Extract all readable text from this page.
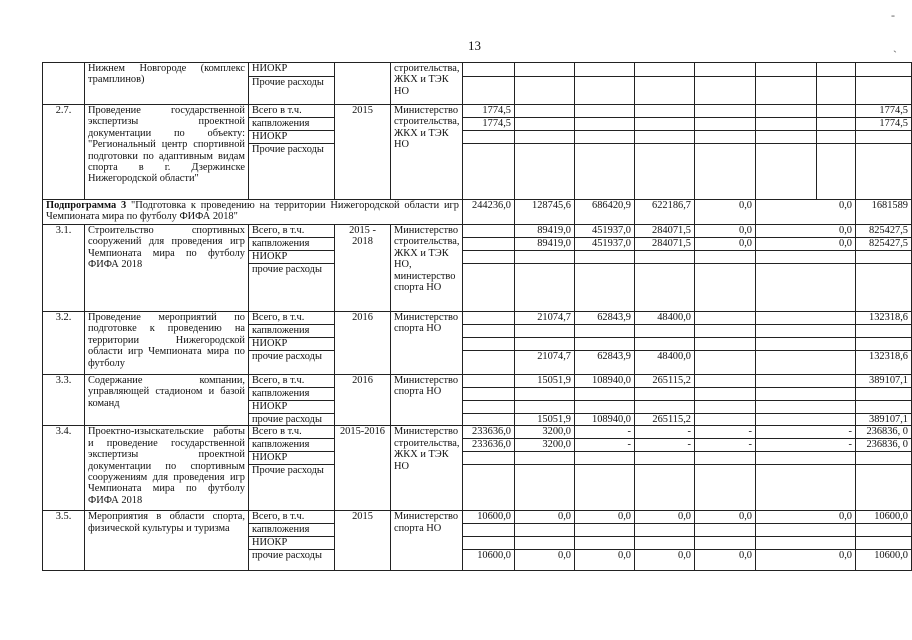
13
-
`
	Нижнем Новгороде (комплекс трамплинов)	НИОКР		строительства, ЖКХ и ТЭК НО								
		Прочие расходы										
2.7.	Проведение государственной экспертизы проектной документации по объекту: "Региональный центр спортивной подготовки по адаптивным видам спорта в г. Дзержинске Нижегородской области"	Всего в т.ч.	2015	Министерство строительства, ЖКХ и ТЭК НО	1774,5							1774,5
		капвложения			1774,5							1774,5
		НИОКР										
		Прочие расходы										
Подпрограмма 3 "Подготовка к проведению на территории Нижегородской области игр Чемпионата мира по футболу ФИФА 2018"					244236,0	128745,6	686420,9	622186,7	0,0	0,0		1681589
3.1.	Строительство спортивных сооружений для проведения игр Чемпионата мира по футболу ФИФА 2018	Всего, в т.ч.	2015 - 2018	Министерство строительства, ЖКХ и ТЭК НО, министерство спорта НО		89419,0	451937,0	284071,5	0,0	0,0		825427,5
		капвложения				89419,0	451937,0	284071,5	0,0	0,0		825427,5
		НИОКР										
		прочие расходы										
3.2.	Проведение мероприятий по подготовке к проведению на территории Нижегородской области игр Чемпионата мира по футболу	Всего, в т.ч.	2016	Министерство спорта НО		21074,7	62843,9	48400,0				132318,6
		капвложения										
		НИОКР										
		прочие расходы				21074,7	62843,9	48400,0				132318,6
3.3.	Содержание компании, управляющей стадионом и базой команд	Всего, в т.ч.	2016	Министерство спорта НО		15051,9	108940,0	265115,2				389107,1
		капвложения										
		НИОКР										
		прочие расходы				15051,9	108940,0	265115,2				389107,1
3.4.	Проектно-изыскательские работы и проведение государственной экспертизы проектной документации по спортивным сооружениям для проведения игр Чемпионата мира по футболу ФИФА 2018	Всего в т.ч.	2015-2016	Министерство строительства, ЖКХ и ТЭК НО	233636,0	3200,0	-	-	-	-		236836, 0
		капвложения			233636,0	3200,0	-	-	-	-		236836, 0
		НИОКР										
		Прочие расходы										
3.5.	Мероприятия в области спорта, физической культуры и туризма	Всего, в т.ч.	2015	Министерство спорта НО	10600,0	0,0	0,0	0,0	0,0	0,0		10600,0
		капвложения										
		НИОКР										
		прочие расходы			10600,0	0,0	0,0	0,0	0,0	0,0		10600,0
